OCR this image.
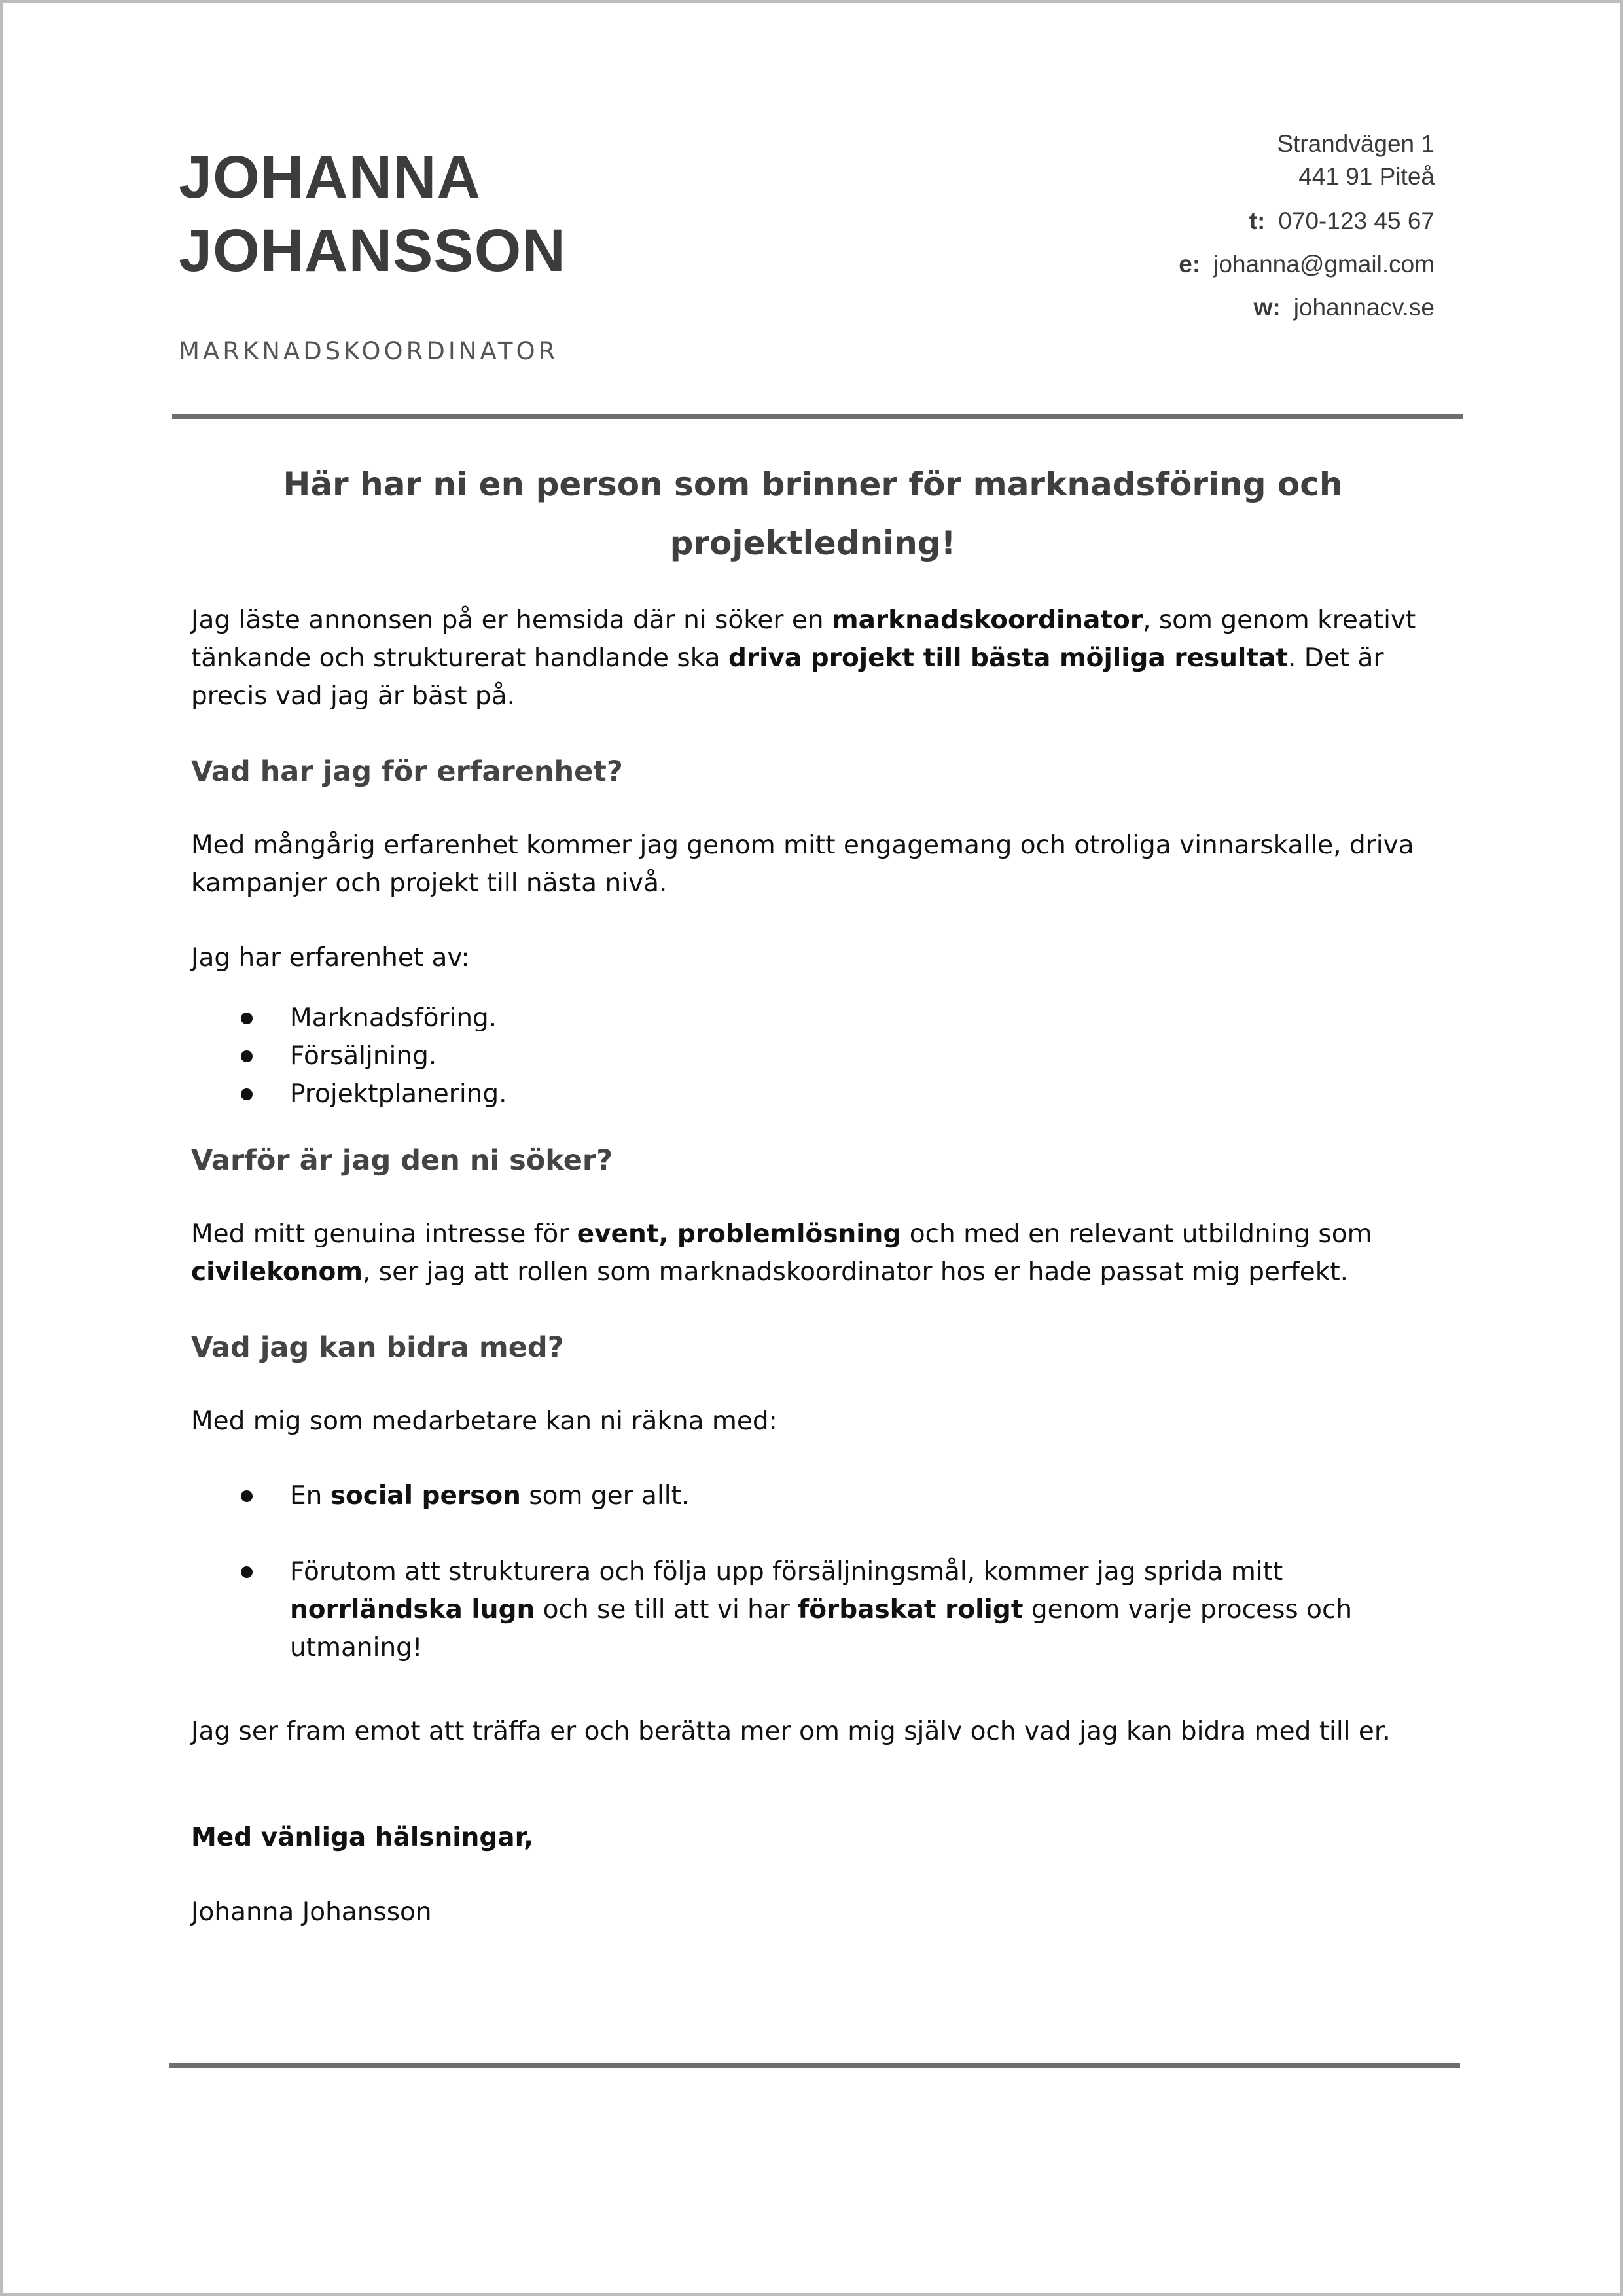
JOHANNA
JOHANSSON
MARKNADSKOORDINATOR
Strandvägen 1
441 91 Piteå
t: 070-123 45 67
e: johanna@gmail.com
w: johannacv.se
Här har ni en person som brinner för marknadsföring och projektledning!

Jag läste annonsen på er hemsida där ni söker en marknadskoordinator, som genom kreativt tänkande och strukturerat handlande ska driva projekt till bästa möjliga resultat. Det är precis vad jag är bäst på.

Vad har jag för erfarenhet?

Med mångårig erfarenhet kommer jag genom mitt engagemang och otroliga vinnarskalle, driva kampanjer och projekt till nästa nivå.

Jag har erfarenhet av:

Marknadsföring.
Försäljning.
Projektplanering.
Varför är jag den ni söker?

Med mitt genuina intresse för event, problemlösning och med en relevant utbildning som civilekonom, ser jag att rollen som marknadskoordinator hos er hade passat mig perfekt.

Vad jag kan bidra med?

Med mig som medarbetare kan ni räkna med:

En social person som ger allt.
Förutom att strukturera och följa upp försäljningsmål, kommer jag sprida mitt norrländska lugn och se till att vi har förbaskat roligt genom varje process och utmaning!

Jag ser fram emot att träffa er och berätta mer om mig själv och vad jag kan bidra med till er.

Med vänliga hälsningar,

Johanna Johansson
